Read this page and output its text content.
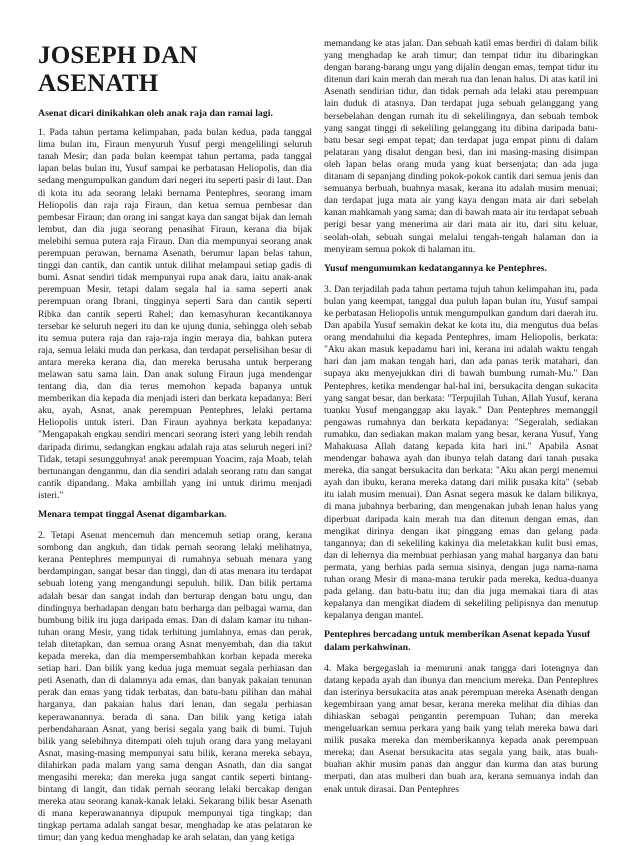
JOSEPH DAN ASENATH

Asenat dicari dinikahkan oleh anak raja dan ramai lagi.

1. Pada tahun pertama kelimpahan, pada bulan kedua, pada tanggal lima bulan itu, Firaun menyuruh Yusuf pergi mengelilingi seluruh tanah Mesir; dan pada bulan keempat tahun pertama, pada tanggal lapan belas bulan itu, Yusuf sampai ke perbatasan Heliopolis, dan dia sedang mengumpulkan gandum dari negeri itu seperti pasir di laut. Dan di kota itu ada seorang lelaki bernama Pentephres, seorang imam Heliopolis dan raja raja Firaun, dan ketua semua pembesar dan pembesar Firaun; dan orang ini sangat kaya dan sangat bijak dan lemah lembut, dan dia juga seorang penasihat Firaun, kerana dia bijak melebihi semua putera raja Firaun. Dan dia mempunyai seorang anak perempuan perawan, bernama Asenath, berumur lapan belas tahun, tinggi dan cantik, dan cantik untuk dilihat melampaui setiap gadis di bumi. Asnat sendiri tidak mempunyai rupa anak dara, iaitu anak-anak perempuan Mesir, tetapi dalam segala hal ia sama seperti anak perempuan orang Ibrani, tingginya seperti Sara dan cantik seperti Ribka dan cantik seperti Rahel; dan kemasyhuran kecantikannya tersebar ke seluruh negeri itu dan ke ujung dunia, sehingga oleh sebab itu semua putera raja dan raja-raja ingin meraya dia, bahkan putera raja, semua lelaki muda dan perkasa, dan terdapat perselisihan besar di antara mereka kerana dia, dan mereka berusaha untuk berperang melawan satu sama lain. Dan anak sulung Firaun juga mendengar tentang dia, dan dia terus memohon kepada bapanya untuk memberikan dia kepada dia menjadi isteri dan berkata kepadanya: Beri aku, ayah, Asnat, anak perempuan Pentephres, lelaki pertama Heliopolis untuk isteri. Dan Firaun ayahnya berkata kepadanya: "Mengapakah engkau sendiri mencari seorang isteri yang lebih rendah daripada dirimu, sedangkan engkau adalah raja atas seluruh negeri ini? Tidak, tetapi sesungguhnya! anak perempuan Yoacim, raja Moab, telah bertunangan denganmu, dan dia sendiri adalah seorang ratu dan sangat cantik dipandang. Maka ambillah yang ini untuk dirimu menjadi isteri."

Menara tempat tinggal Asenat digambarkan.

2. Tetapi Asenat mencemuh dan mencemuh setiap orang, kerana sombong dan angkuh, dan tidak pernah seorang lelaki melihatnya, kerana Pentephres mempunyai di rumahnya sebuah menara yang berdampingan, sangat besar dan tinggi, dan di atas menara itu terdapat sebuah loteng yang mengandungi sepuluh. bilik. Dan bilik pertama adalah besar dan sangat indah dan berturap dengan batu ungu, dan dindingnya berhadapan dengan batu berharga dan pelbagai warna, dan bumbung bilik itu juga daripada emas. Dan di dalam kamar itu tuhan-tuhan orang Mesir, yang tidak terhitung jumlahnya, emas dan perak, telah ditetapkan, dan semua orang Asnat menyembah, dan dia takut kepada mereka, dan dia mempersembahkan korban kepada mereka setiap hari. Dan bilik yang kedua juga memuat segala perhiasan dan peti Asenath, dan di dalamnya ada emas, dan banyak pakaian tenunan perak dan emas yang tidak terbatas, dan batu-batu pilihan dan mahal harganya, dan pakaian halus dari lenan, dan segala perhiasan keperawanannya. berada di sana. Dan bilik yang ketiga ialah perbendaharaan Asnat, yang berisi segala yang baik di bumi. Tujuh bilik yang selebihnya ditempati oleh tujuh orang dara yang melayani Asnat, masing-masing mempunyai satu bilik, kerana mereka sebaya, dilahirkan pada malam yang sama dengan Asnath, dan dia sangat mengasihi mereka; dan mereka juga sangat cantik seperti bintang-bintang di langit, dan tidak pernah seorang lelaki bercakap dengan mereka atau seorang kanak-kanak lelaki. Sekarang bilik besar Asenath di mana keperawanannya dipupuk mempunyai tiga tingkap; dan tingkap pertama adalah sangat besar, menghadap ke atas pelataran ke timur; dan yang kedua menghadap ke arah selatan, dan yang ketiga

memandang ke atas jalan. Dan sebuah katil emas berdiri di dalam bilik yang menghadap ke arah timur; dan tempat tidur itu dibaringkan dengan barang-barang ungu yang dijalin dengan emas, tempat tidur itu ditenun dari kain merah dan merah tua dan lenan halus. Di atas katil ini Asenath sendirian tidur, dan tidak pernah ada lelaki atau perempuan lain duduk di atasnya. Dan terdapat juga sebuah gelanggang yang bersebelahan dengan rumah itu di sekelilingnya, dan sebuah tembok yang sangat tinggi di sekeliling gelanggang itu dibina daripada batu-batu besar segi empat tepat; dan terdapat juga empat pintu di dalam pelataran yang disalut dengan besi, dan ini masing-masing disimpan oleh lapan belas orang muda yang kuat bersenjata; dan ada juga ditanam di sepanjang dinding pokok-pokok cantik dari semua jenis dan semuanya berbuah, buahnya masak, kerana itu adalah musim menuai; dan terdapat juga mata air yang kaya dengan mata air dari sebelah kanan mahkamah yang sama; dan di bawah mata air itu terdapat sebuah perigi besar yang menerima air dari mata air itu, dari situ keluar, seolah-olah, sebuah sungai melalui tengah-tengah halaman dan ia menyiram semua pokok di halaman itu.

Yusuf mengumumkan kedatangannya ke Pentephres.

3. Dan terjadilah pada tahun pertama tujuh tahun kelimpahan itu, pada bulan yang keempat, tanggal dua puluh lapan bulan itu, Yusuf sampai ke perbatasan Heliopolis untuk mengumpulkan gandum dari daerah itu. Dan apabila Yusuf semakin dekat ke kota itu, dia mengutus dua belas orang mendahului dia kepada Pentephres, imam Heliopolis, berkata: "Aku akan masuk kepadamu hari ini, kerana ini adalah waktu tengah hari dan jam makan tengah hari, dan ada panas terik matahari, dan supaya aku menyejukkan diri di bawah bumbung rumah-Mu." Dan Pentephres, ketika mendengar hal-hal ini, bersukacita dengan sukacita yang sangat besar, dan berkata: "Terpujilah Tuhan, Allah Yusuf, kerana tuanku Yusuf menganggap aku layak." Dan Pentephres memanggil pengawas rumahnya dan berkata kepadanya: "Segeralah, sediakan rumahku, dan sediakan makan malam yang besar, kerana Yusuf, Yang Mahakuasa Allah datang kepada kita hari ini." Apabila Asnat mendengar bahawa ayah dan ibunya telah datang dari tanah pusaka mereka, dia sangat bersukacita dan berkata: "Aku akan pergi menemui ayah dan ibuku, kerana mereka datang dari milik pusaka kita" (sebab itu ialah musim menuai). Dan Asnat segera masuk ke dalam biliknya, di mana jubahnya berbaring, dan mengenakan jubah lenan halus yang diperbuat daripada kain merah tua dan ditenun dengan emas, dan mengikat dirinya dengan ikat pinggang emas dan gelang pada tangannya; dan di sekeliling kakinya dia meletakkan kulit busi emas, dan di lehernya dia membuat perhiasan yang mahal harganya dan batu permata, yang berhias pada semua sisinya, dengan juga nama-nama tuhan orang Mesir di mana-mana terukir pada mereka, kedua-duanya pada gelang. dan batu-batu itu; dan dia juga memakai tiara di atas kepalanya dan mengikat diadem di sekeliling pelipisnya dan menutup kepalanya dengan mantel.

Pentephres bercadang untuk memberikan Asenat kepada Yusuf dalam perkahwinan.

4. Maka bergegaslah ia menuruni anak tangga dari lotengnya dan datang kepada ayah dan ibunya dan mencium mereka. Dan Pentephres dan isterinya bersukacita atas anak perempuan mereka Asenath dengan kegembiraan yang amat besar, kerana mereka melihat dia dihias dan dihiaskan sebagai pengantin perempuan Tuhan; dan mereka mengeluarkan semua perkara yang baik yang telah mereka bawa dari milik pusaka mereka dan memberikannya kepada anak perempuan mereka; dan Asenat bersukacita atas segala yang baik, atas buah-buahan akhir musim panas dan anggur dan kurma dan atas burung merpati, dan atas mulberi dan buah ara, kerana semuanya indah dan enak untuk dirasai. Dan Pentephres
